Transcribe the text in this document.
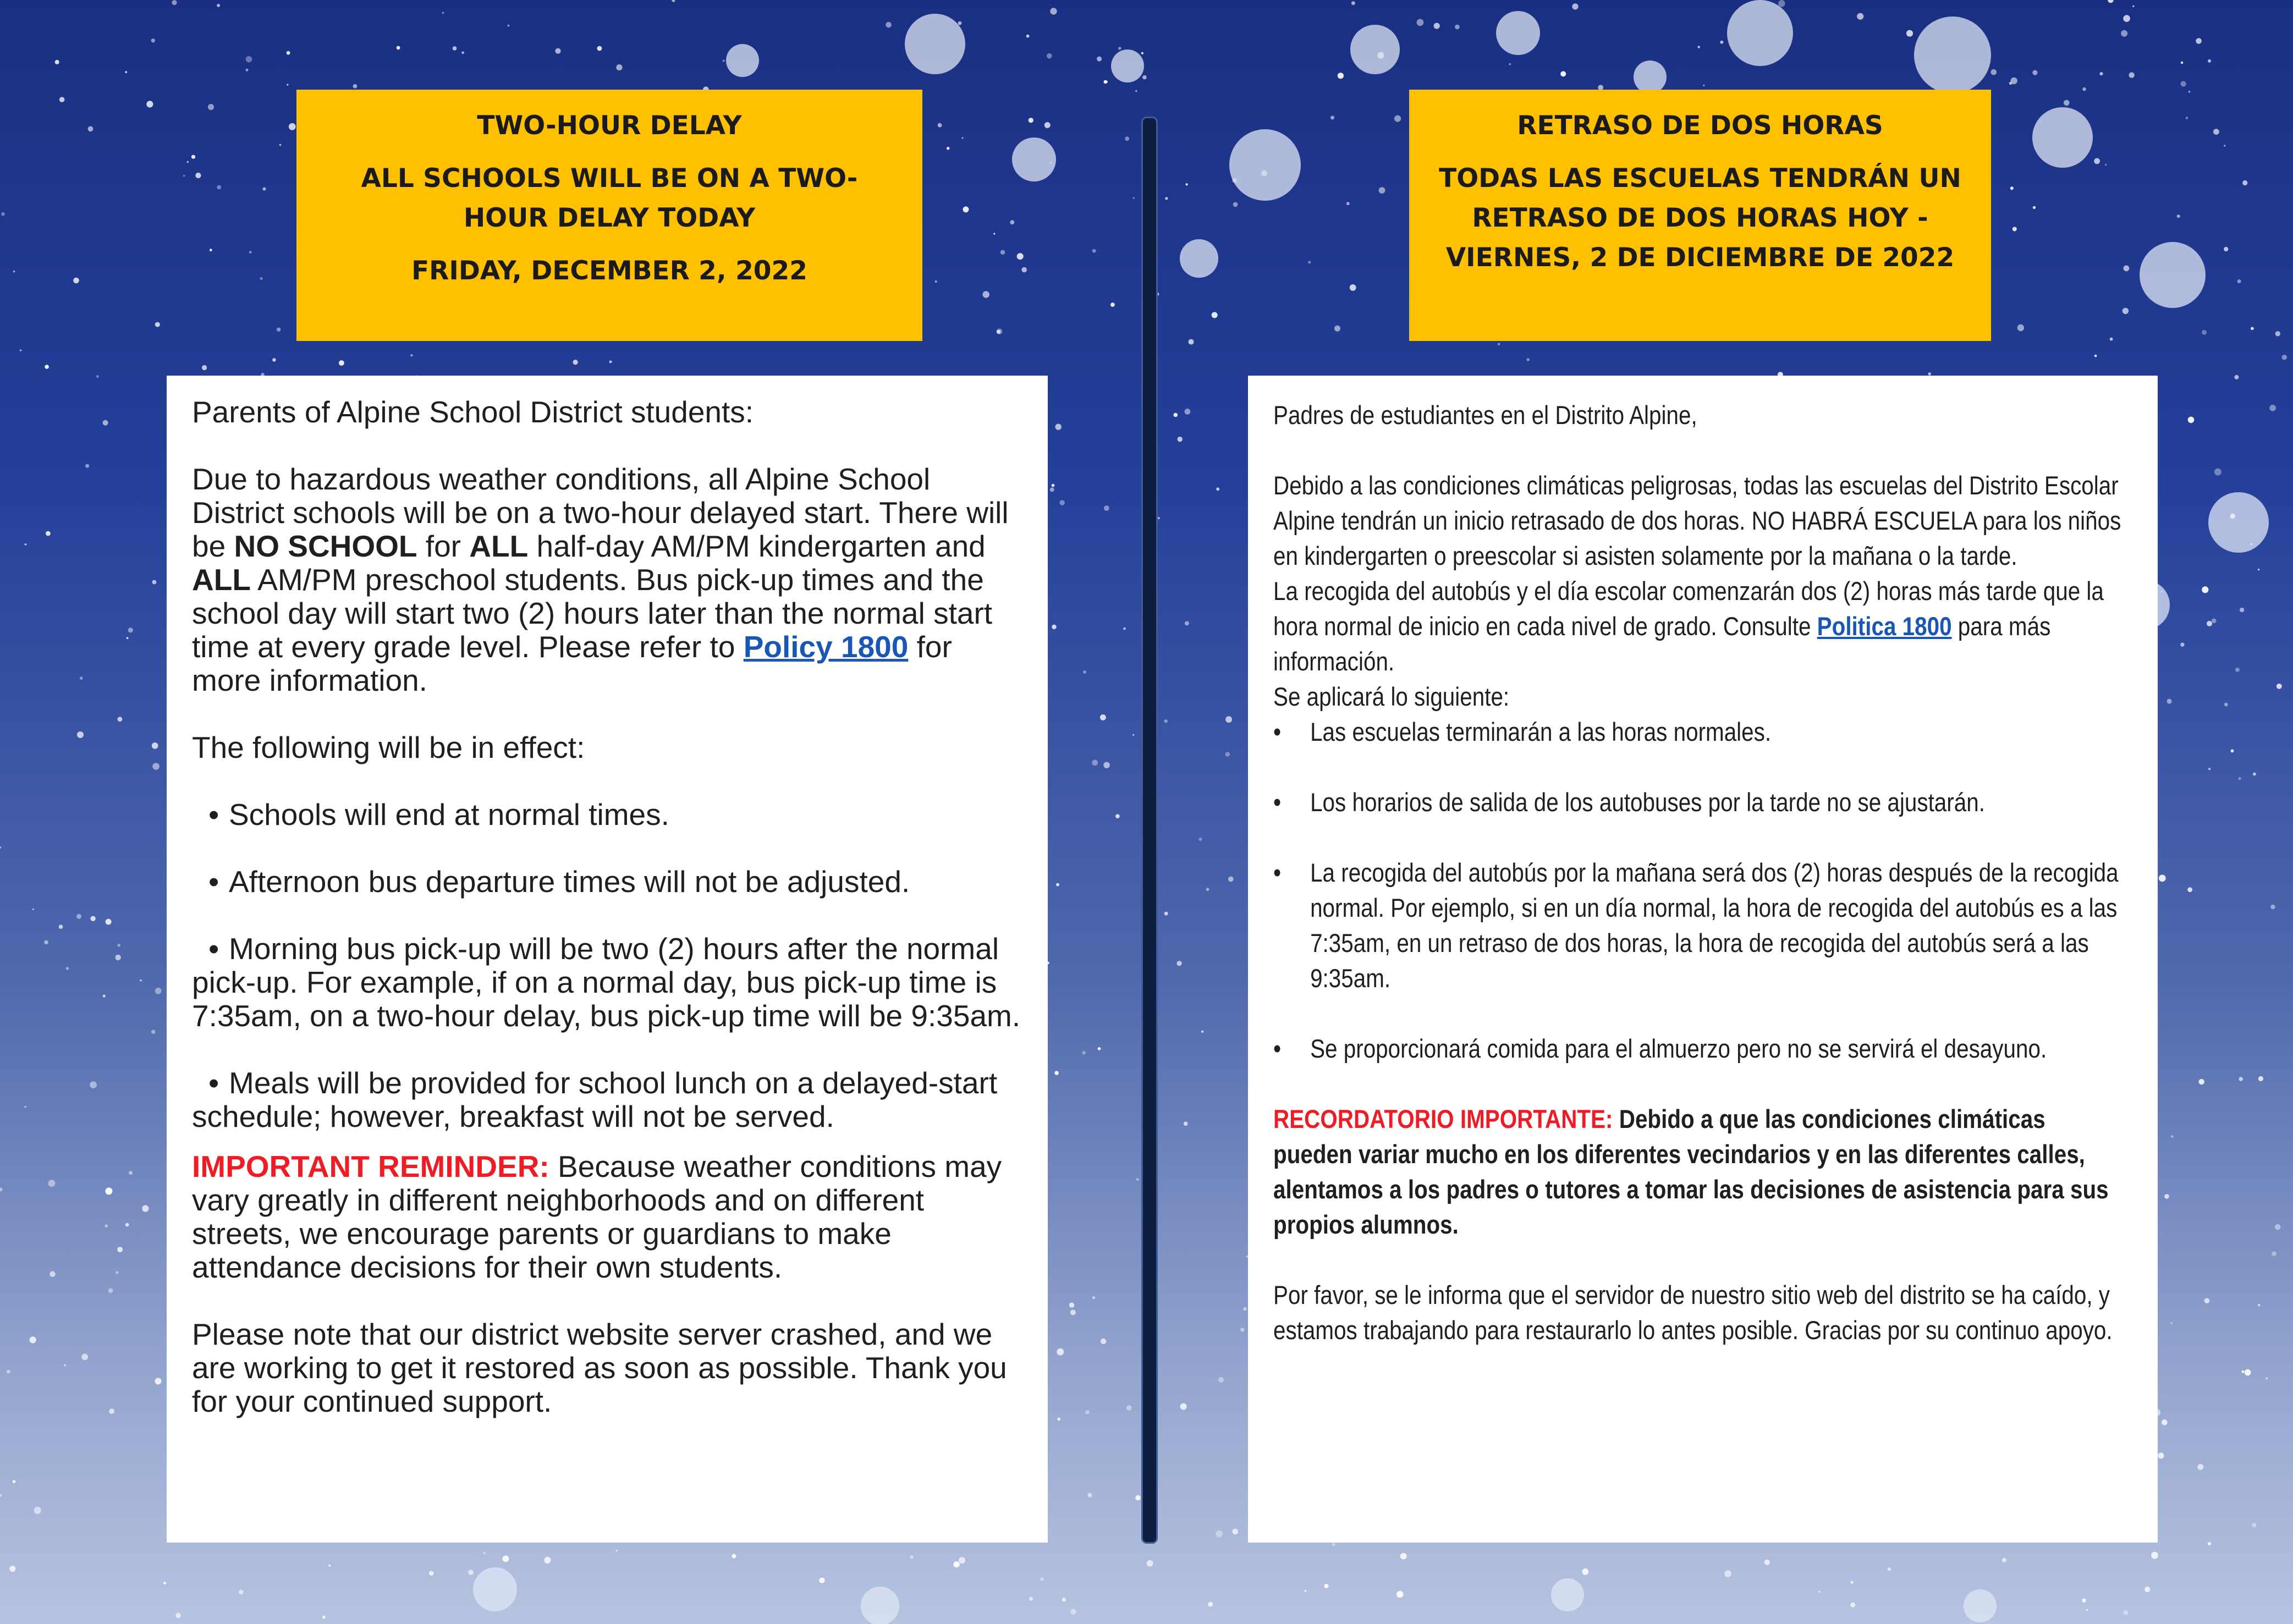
TWO-HOUR DELAY

ALL SCHOOLS WILL BE ON A TWO-HOUR DELAY TODAY

FRIDAY, DECEMBER 2, 2022

RETRASO DE DOS HORAS

TODAS LAS ESCUELAS TENDRÁN UN RETRASO DE DOS HORAS HOY - VIERNES, 2 DE DICIEMBRE DE 2022

Parents of Alpine School District students:

Due to hazardous weather conditions, all Alpine School District schools will be on a two-hour delayed start. There will be NO SCHOOL for ALL half-day AM/PM kindergarten and ALL AM/PM preschool students. Bus pick-up times and the school day will start two (2) hours later than the normal start time at every grade level. Please refer to Policy 1800 for more information.

The following will be in effect:

• Schools will end at normal times.
• Afternoon bus departure times will not be adjusted.
• Morning bus pick-up will be two (2) hours after the normal pick-up. For example, if on a normal day, bus pick-up time is 7:35am, on a two-hour delay, bus pick-up time will be 9:35am.
• Meals will be provided for school lunch on a delayed-start schedule; however, breakfast will not be served.

IMPORTANT REMINDER: Because weather conditions may vary greatly in different neighborhoods and on different streets, we encourage parents or guardians to make attendance decisions for their own students.

Please note that our district website server crashed, and we are working to get it restored as soon as possible. Thank you for your continued support.

Padres de estudiantes en el Distrito Alpine,

Debido a las condiciones climáticas peligrosas, todas las escuelas del Distrito Escolar Alpine tendrán un inicio retrasado de dos horas. NO HABRÁ ESCUELA para los niños en kindergarten o preescolar si asisten solamente por la mañana o la tarde.

La recogida del autobús y el día escolar comenzarán dos (2) horas más tarde que la hora normal de inicio en cada nivel de grado. Consulte Politica 1800 para más información.

Se aplicará lo siguiente:

•	Las escuelas terminarán a las horas normales.
•	Los horarios de salida de los autobuses por la tarde no se ajustarán.
•	La recogida del autobús por la mañana será dos (2) horas después de la recogida normal. Por ejemplo, si en un día normal, la hora de recogida del autobús es a las 7:35am, en un retraso de dos horas, la hora de recogida del autobús será a las 9:35am.
•	Se proporcionará comida para el almuerzo pero no se servirá el desayuno.

RECORDATORIO IMPORTANTE: Debido a que las condiciones climáticas pueden variar mucho en los diferentes vecindarios y en las diferentes calles, alentamos a los padres o tutores a tomar las decisiones de asistencia para sus propios alumnos.

Por favor, se le informa que el servidor de nuestro sitio web del distrito se ha caído, y estamos trabajando para restaurarlo lo antes posible. Gracias por su continuo apoyo.
